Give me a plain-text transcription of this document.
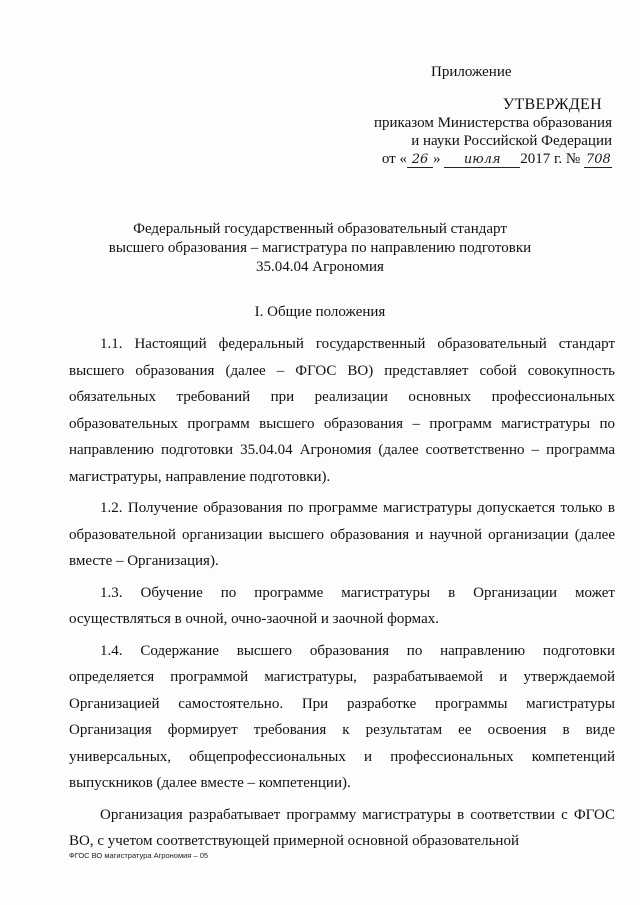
Приложение
УТВЕРЖДЕН
приказом Министерства образования
и науки Российской Федерации
от « 26 » июля 2017 г. № 708
Федеральный государственный образовательный стандарт
высшего образования – магистратура по направлению подготовки
35.04.04 Агрономия
I. Общие положения

1.1. Настоящий федеральный государственный образовательный стандарт высшего образования (далее – ФГОС ВО) представляет собой совокупность обязательных требований при реализации основных профессиональных образовательных программ высшего образования – программ магистратуры по направлению подготовки 35.04.04 Агрономия (далее соответственно – программа магистратуры, направление подготовки).

1.2. Получение образования по программе магистратуры допускается только в образовательной организации высшего образования и научной организации (далее вместе – Организация).

1.3. Обучение по программе магистратуры в Организации может осуществляться в очной, очно-заочной и заочной формах.

1.4. Содержание высшего образования по направлению подготовки определяется программой магистратуры, разрабатываемой и утверждаемой Организацией самостоятельно. При разработке программы магистратуры Организация формирует требования к результатам ее освоения в виде универсальных, общепрофессиональных и профессиональных компетенций выпускников (далее вместе – компетенции).

Организация разрабатывает программу магистратуры в соответствии с ФГОС ВО, с учетом соответствующей примерной основной образовательной

ФГОС ВО магистратура Агрономия – 05
